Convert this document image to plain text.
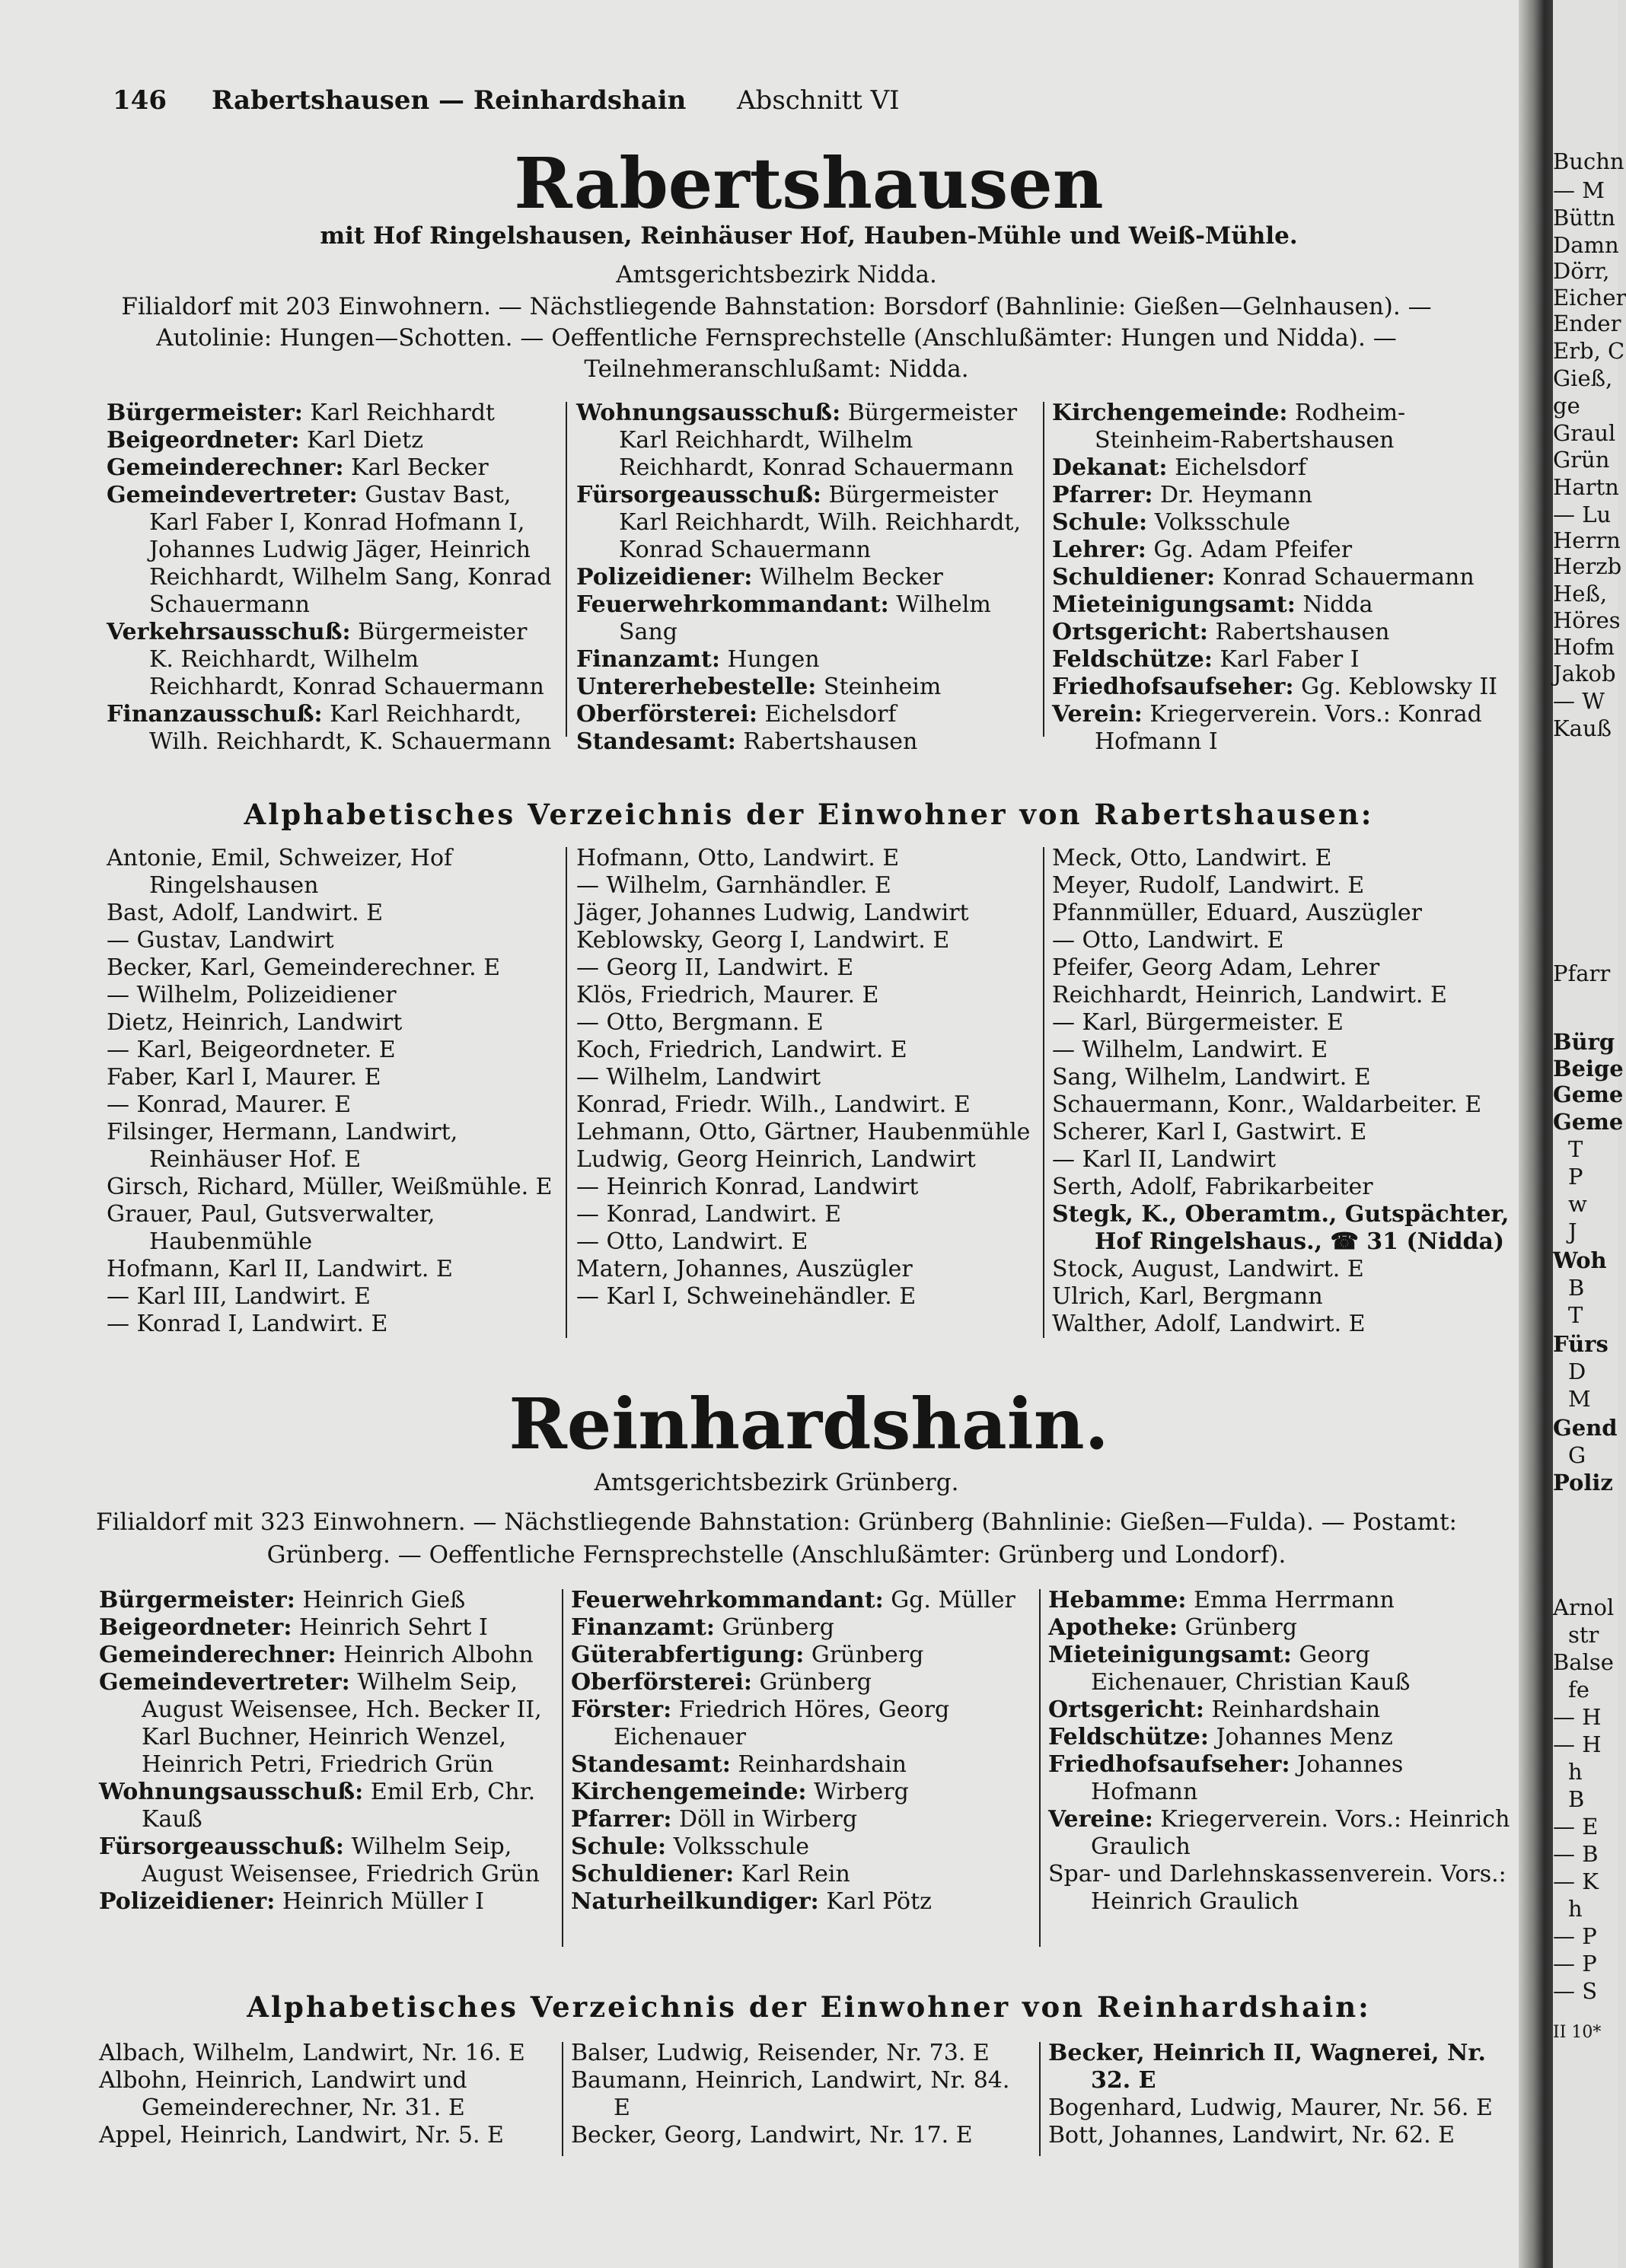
146 Rabertshausen — Reinhardshain Abschnitt VI
Rabertshausen
mit Hof Ringelshausen, Reinhäuser Hof, Hauben-Mühle und Weiß-Mühle.
Amtsgerichtsbezirk Nidda.
Filialdorf mit 203 Einwohnern. — Nächstliegende Bahnstation: Borsdorf (Bahnlinie: Gießen—Gelnhausen). —
Autolinie: Hungen—Schotten. — Oeffentliche Fernsprechstelle (Anschlußämter: Hungen und Nidda). —
Teilnehmeranschlußamt: Nidda.

Bürgermeister: Karl Reichhardt

Beigeordneter: Karl Dietz

Gemeinderechner: Karl Becker

Gemeindevertreter: Gustav Bast, Karl Faber I, Konrad Hofmann I, Johannes Ludwig Jäger, Heinrich Reichhardt, Wilhelm Sang, Konrad Schauermann

Verkehrsausschuß: Bürgermeister K. Reichhardt, Wilhelm Reichhardt, Konrad Schauermann

Finanzausschuß: Karl Reichhardt, Wilh. Reichhardt, K. Schauermann

Wohnungsausschuß: Bürgermeister Karl Reichhardt, Wilhelm Reichhardt, Konrad Schauermann

Fürsorgeausschuß: Bürgermeister Karl Reichhardt, Wilh. Reichhardt, Konrad Schauermann

Polizeidiener: Wilhelm Becker

Feuerwehrkommandant: Wilhelm Sang

Finanzamt: Hungen

Untererhebestelle: Steinheim

Oberförsterei: Eichelsdorf

Standesamt: Rabertshausen

Kirchengemeinde: Rodheim-Steinheim-Rabertshausen

Dekanat: Eichelsdorf

Pfarrer: Dr. Heymann

Schule: Volksschule

Lehrer: Gg. Adam Pfeifer

Schuldiener: Konrad Schauermann

Mieteinigungsamt: Nidda

Ortsgericht: Rabertshausen

Feldschütze: Karl Faber I

Friedhofsaufseher: Gg. Keblowsky II

Verein: Kriegerverein. Vors.: Konrad Hofmann I

Alphabetisches Verzeichnis der Einwohner von Rabertshausen:

Antonie, Emil, Schweizer, Hof Ringelshausen

Bast, Adolf, Landwirt. E

— Gustav, Landwirt

Becker, Karl, Gemeinderechner. E

— Wilhelm, Polizeidiener

Dietz, Heinrich, Landwirt

— Karl, Beigeordneter. E

Faber, Karl I, Maurer. E

— Konrad, Maurer. E

Filsinger, Hermann, Landwirt, Reinhäuser Hof. E

Girsch, Richard, Müller, Weißmühle. E

Grauer, Paul, Gutsverwalter, Haubenmühle

Hofmann, Karl II, Landwirt. E

— Karl III, Landwirt. E

— Konrad I, Landwirt. E

Hofmann, Otto, Landwirt. E

— Wilhelm, Garnhändler. E

Jäger, Johannes Ludwig, Landwirt

Keblowsky, Georg I, Landwirt. E

— Georg II, Landwirt. E

Klös, Friedrich, Maurer. E

— Otto, Bergmann. E

Koch, Friedrich, Landwirt. E

— Wilhelm, Landwirt

Konrad, Friedr. Wilh., Landwirt. E

Lehmann, Otto, Gärtner, Haubenmühle

Ludwig, Georg Heinrich, Landwirt

— Heinrich Konrad, Landwirt

— Konrad, Landwirt. E

— Otto, Landwirt. E

Matern, Johannes, Auszügler

— Karl I, Schweinehändler. E

Meck, Otto, Landwirt. E

Meyer, Rudolf, Landwirt. E

Pfannmüller, Eduard, Auszügler

— Otto, Landwirt. E

Pfeifer, Georg Adam, Lehrer

Reichhardt, Heinrich, Landwirt. E

— Karl, Bürgermeister. E

— Wilhelm, Landwirt. E

Sang, Wilhelm, Landwirt. E

Schauermann, Konr., Waldarbeiter. E

Scherer, Karl I, Gastwirt. E

— Karl II, Landwirt

Serth, Adolf, Fabrikarbeiter

Stegk, K., Oberamtm., Gutspächter, Hof Ringelshaus., ☎ 31 (Nidda)

Stock, August, Landwirt. E

Ulrich, Karl, Bergmann

Walther, Adolf, Landwirt. E

Reinhardshain.
Amtsgerichtsbezirk Grünberg.
Filialdorf mit 323 Einwohnern. — Nächstliegende Bahnstation: Grünberg (Bahnlinie: Gießen—Fulda). — Postamt:
Grünberg. — Oeffentliche Fernsprechstelle (Anschlußämter: Grünberg und Londorf).

Bürgermeister: Heinrich Gieß

Beigeordneter: Heinrich Sehrt I

Gemeinderechner: Heinrich Albohn

Gemeindevertreter: Wilhelm Seip, August Weisensee, Hch. Becker II, Karl Buchner, Heinrich Wenzel, Heinrich Petri, Friedrich Grün

Wohnungsausschuß: Emil Erb, Chr. Kauß

Fürsorgeausschuß: Wilhelm Seip, August Weisensee, Friedrich Grün

Polizeidiener: Heinrich Müller I

Feuerwehrkommandant: Gg. Müller

Finanzamt: Grünberg

Güterabfertigung: Grünberg

Oberförsterei: Grünberg

Förster: Friedrich Höres, Georg Eichenauer

Standesamt: Reinhardshain

Kirchengemeinde: Wirberg

Pfarrer: Döll in Wirberg

Schule: Volksschule

Schuldiener: Karl Rein

Naturheilkundiger: Karl Pötz

Hebamme: Emma Herrmann

Apotheke: Grünberg

Mieteinigungsamt: Georg Eichenauer, Christian Kauß

Ortsgericht: Reinhardshain

Feldschütze: Johannes Menz

Friedhofsaufseher: Johannes Hofmann

Vereine: Kriegerverein. Vors.: Heinrich Graulich

Spar- und Darlehnskassenverein. Vors.: Heinrich Graulich

Alphabetisches Verzeichnis der Einwohner von Reinhardshain:

Albach, Wilhelm, Landwirt, Nr. 16. E

Albohn, Heinrich, Landwirt und Gemeinderechner, Nr. 31. E

Appel, Heinrich, Landwirt, Nr. 5. E

Balser, Ludwig, Reisender, Nr. 73. E

Baumann, Heinrich, Landwirt, Nr. 84. E

Becker, Georg, Landwirt, Nr. 17. E

Becker, Heinrich II, Wagnerei, Nr. 32. E

Bogenhard, Ludwig, Maurer, Nr. 56. E

Bott, Johannes, Landwirt, Nr. 62. E

Buchn
— M
Büttn
Damn
Dörr,
Eicher
Ender
Erb, C
Gieß,
ge
Graul
Grün
Hartn
— Lu
Herrn
Herzb
Heß,
Höres
Hofm
Jakob
— W
Kauß
Pfarr
Bürg
Beige
Geme
Geme
T
P
w
J
Woh
B
T
Fürs
D
M
Gend
G
Poliz
Arnol
str
Balse
fe
— H
— H
h
B
— E
— B
— K
h
— P
— P
— S
II 10*
